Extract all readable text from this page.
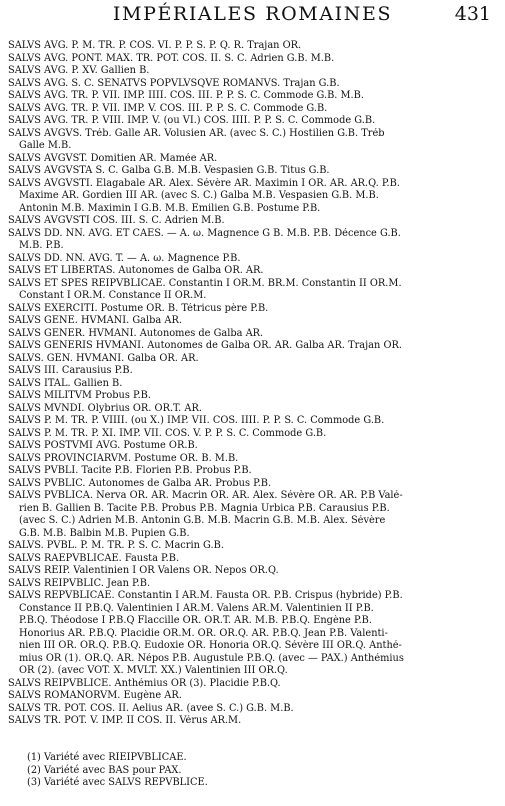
IMPÉRIALES ROMAINES	431
SALVS AVG. P. M. TR. P. COS. VI. P. P. S. P. Q. R. Trajan OR.
SALVS AVG. PONT. MAX. TR. POT. COS. II. S. C. Adrien G.B. M.B.
SALVS AVG. P. XV. Gallien B.
SALVS AVG. S. C. SENATVS POPVLVSQVE ROMANVS. Trajan G.B.
SALVS AVG. TR. P. VII. IMP. IIII. COS. III. P. P. S. C. Commode G.B. M.B.
SALVS AVG. TR. P. VII. IMP. V. COS. III. P. P. S. C. Commode G.B.
SALVS AVG. TR. P. VIII. IMP. V. (ou VI.) COS. IIII. P. P. S. C. Commode G.B.
SALVS AVGVS. Tréb. Galle AR. Volusien AR. (avec S. C.) Hostilien G.B. Tréb
Galle M.B.
SALVS AVGVST. Domitien AR. Mamée AR.
SALVS AVGVSTA S. C. Galba G.B. M.B. Vespasien G.B. Titus G.B.
SALVS AVGVSTI. Elagabale AR. Alex. Sévère AR. Maximin I OR. AR. AR.Q. P.B.
Maxime AR. Gordien III AR. (avec S. C.) Galba M.B. Vespasien G.B. M.B.
Antonin M.B. Maximin I G.B. M.B. Emilien G.B. Postume P.B.
SALVS AVGVSTI COS. III. S. C. Adrien M.B.
SALVS DD. NN. AVG. ET CAES. — A. ω. Magnence G B. M.B. P.B. Décence G.B.
M.B. P.B.
SALVS DD. NN. AVG. T. — A. ω. Magnence P.B.
SALVS ET LIBERTAS. Autonomes de Galba OR. AR.
SALVS ET SPES REIPVBLICAE. Constantin I OR.M. BR.M. Constantin II OR.M.
Constant I OR.M. Constance II OR.M.
SALVS EXERCITI. Postume OR. B. Tétricus père P.B.
SALVS GENE. HVMANI. Galba AR.
SALVS GENER. HVMANI. Autonomes de Galba AR.
SALVS GENERIS HVMANI. Autonomes de Galba OR. AR. Galba AR. Trajan OR.
SALVS. GEN. HVMANI. Galba OR. AR.
SALVS III. Carausius P.B.
SALVS ITAL. Gallien B.
SALVS MILITVM Probus P.B.
SALVS MVNDI. Olybrius OR. OR.T. AR.
SALVS P. M. TR. P. VIIII. (ou X.) IMP. VII. COS. IIII. P. P. S. C. Commode G.B.
SALVS P. M. TR. P. XI. IMP. VII. COS. V. P. P. S. C. Commode G.B.
SALVS POSTVMI AVG. Postume OR.B.
SALVS PROVINCIARVM. Postume OR. B. M.B.
SALVS PVBLI. Tacite P.B. Florien P.B. Probus P.B.
SALVS PVBLIC. Autonomes de Galba AR. Probus P.B.
SALVS PVBLICA. Nerva OR. AR. Macrin OR. AR. Alex. Sévère OR. AR. P.B Valé-
rien B. Gallien B. Tacite P.B. Probus P.B. Magnia Urbica P.B. Carausius P.B.
(avec S. C.) Adrien M.B. Antonin G.B. M.B. Macrin G.B. M.B. Alex. Sévère
G.B. M.B. Balbin M.B. Pupien G.B.
SALVS. PVBL. P. M. TR. P. S. C. Macrin G.B.
SALVS RAEPVBLICAE. Fausta P.B.
SALVS REIP. Valentinien I OR Valens OR. Nepos OR.Q.
SALVS REIPVBLIC. Jean P.B.
SALVS REPVBLICAE. Constantin I AR.M. Fausta OR. P.B. Crispus (hybride) P.B.
Constance II P.B.Q. Valentinien I AR.M. Valens AR.M. Valentinien II P.B.
P.B.Q. Théodose I P.B.Q Flaccille OR. OR.T. AR. M.B. P.B.Q. Engène P.B.
Honorius AR. P.B.Q. Placidie OR.M. OR. OR.Q. AR. P.B.Q. Jean P.B. Valenti-
nien III OR. OR.Q. P.B.Q. Eudoxie OR. Honoria OR.Q. Sévère III OR.Q. Anthé-
mius OR (1). OR.Q. AR. Népos P.B. Augustule P.B.Q. (avec — PAX.) Anthémius
OR (2). (avec VOT. X. MVLT. XX.) Valentinien III OR.Q.
SALVS REIPVBLICE. Anthémius OR (3). Placidie P.B.Q.
SALVS ROMANORVM. Eugène AR.
SALVS TR. POT. COS. II. Aelius AR. (avee S. C.) G.B. M.B.
SALVS TR. POT. V. IMP. II COS. II. Vérus AR.M.
(1) Variété avec RIEIPVBLICAE.
(2) Variété avec BAS pour PAX.
(3) Variété avec SALVS REPVBLICE.
